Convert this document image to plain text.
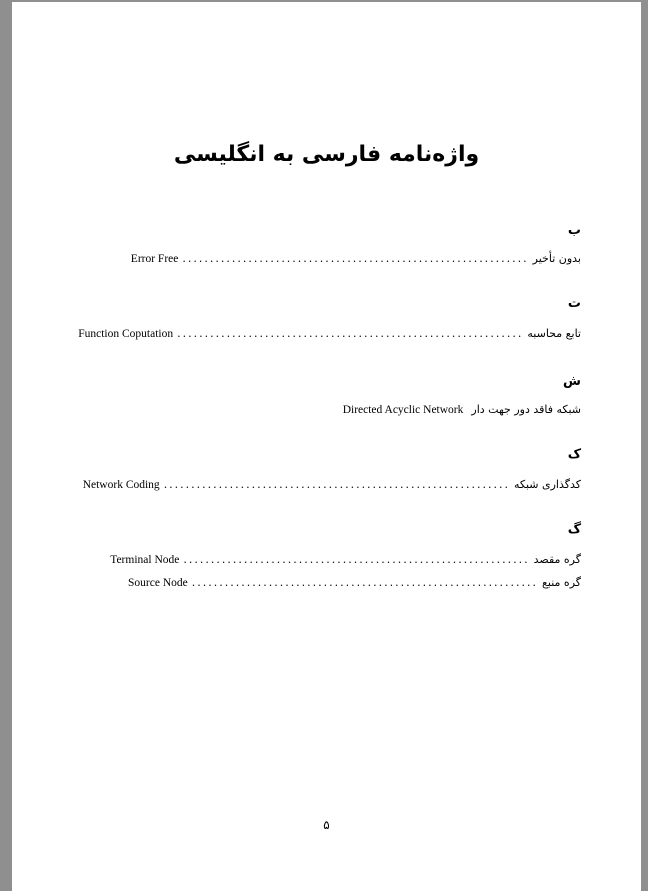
واژه‌نامه فارسی به انگلیسی
ب
بدون تأخیر
...............................................................
Error Free
ت
تابع محاسبه
...............................................................
Function Coputation
ش
شبکه فاقد دور جهت دار
Directed Acyclic Network
ک
کدگذاری شبکه
...............................................................
Network Coding
گ
گره مقصد
...............................................................
Terminal Node
گره منبع
...............................................................
Source Node
۵
